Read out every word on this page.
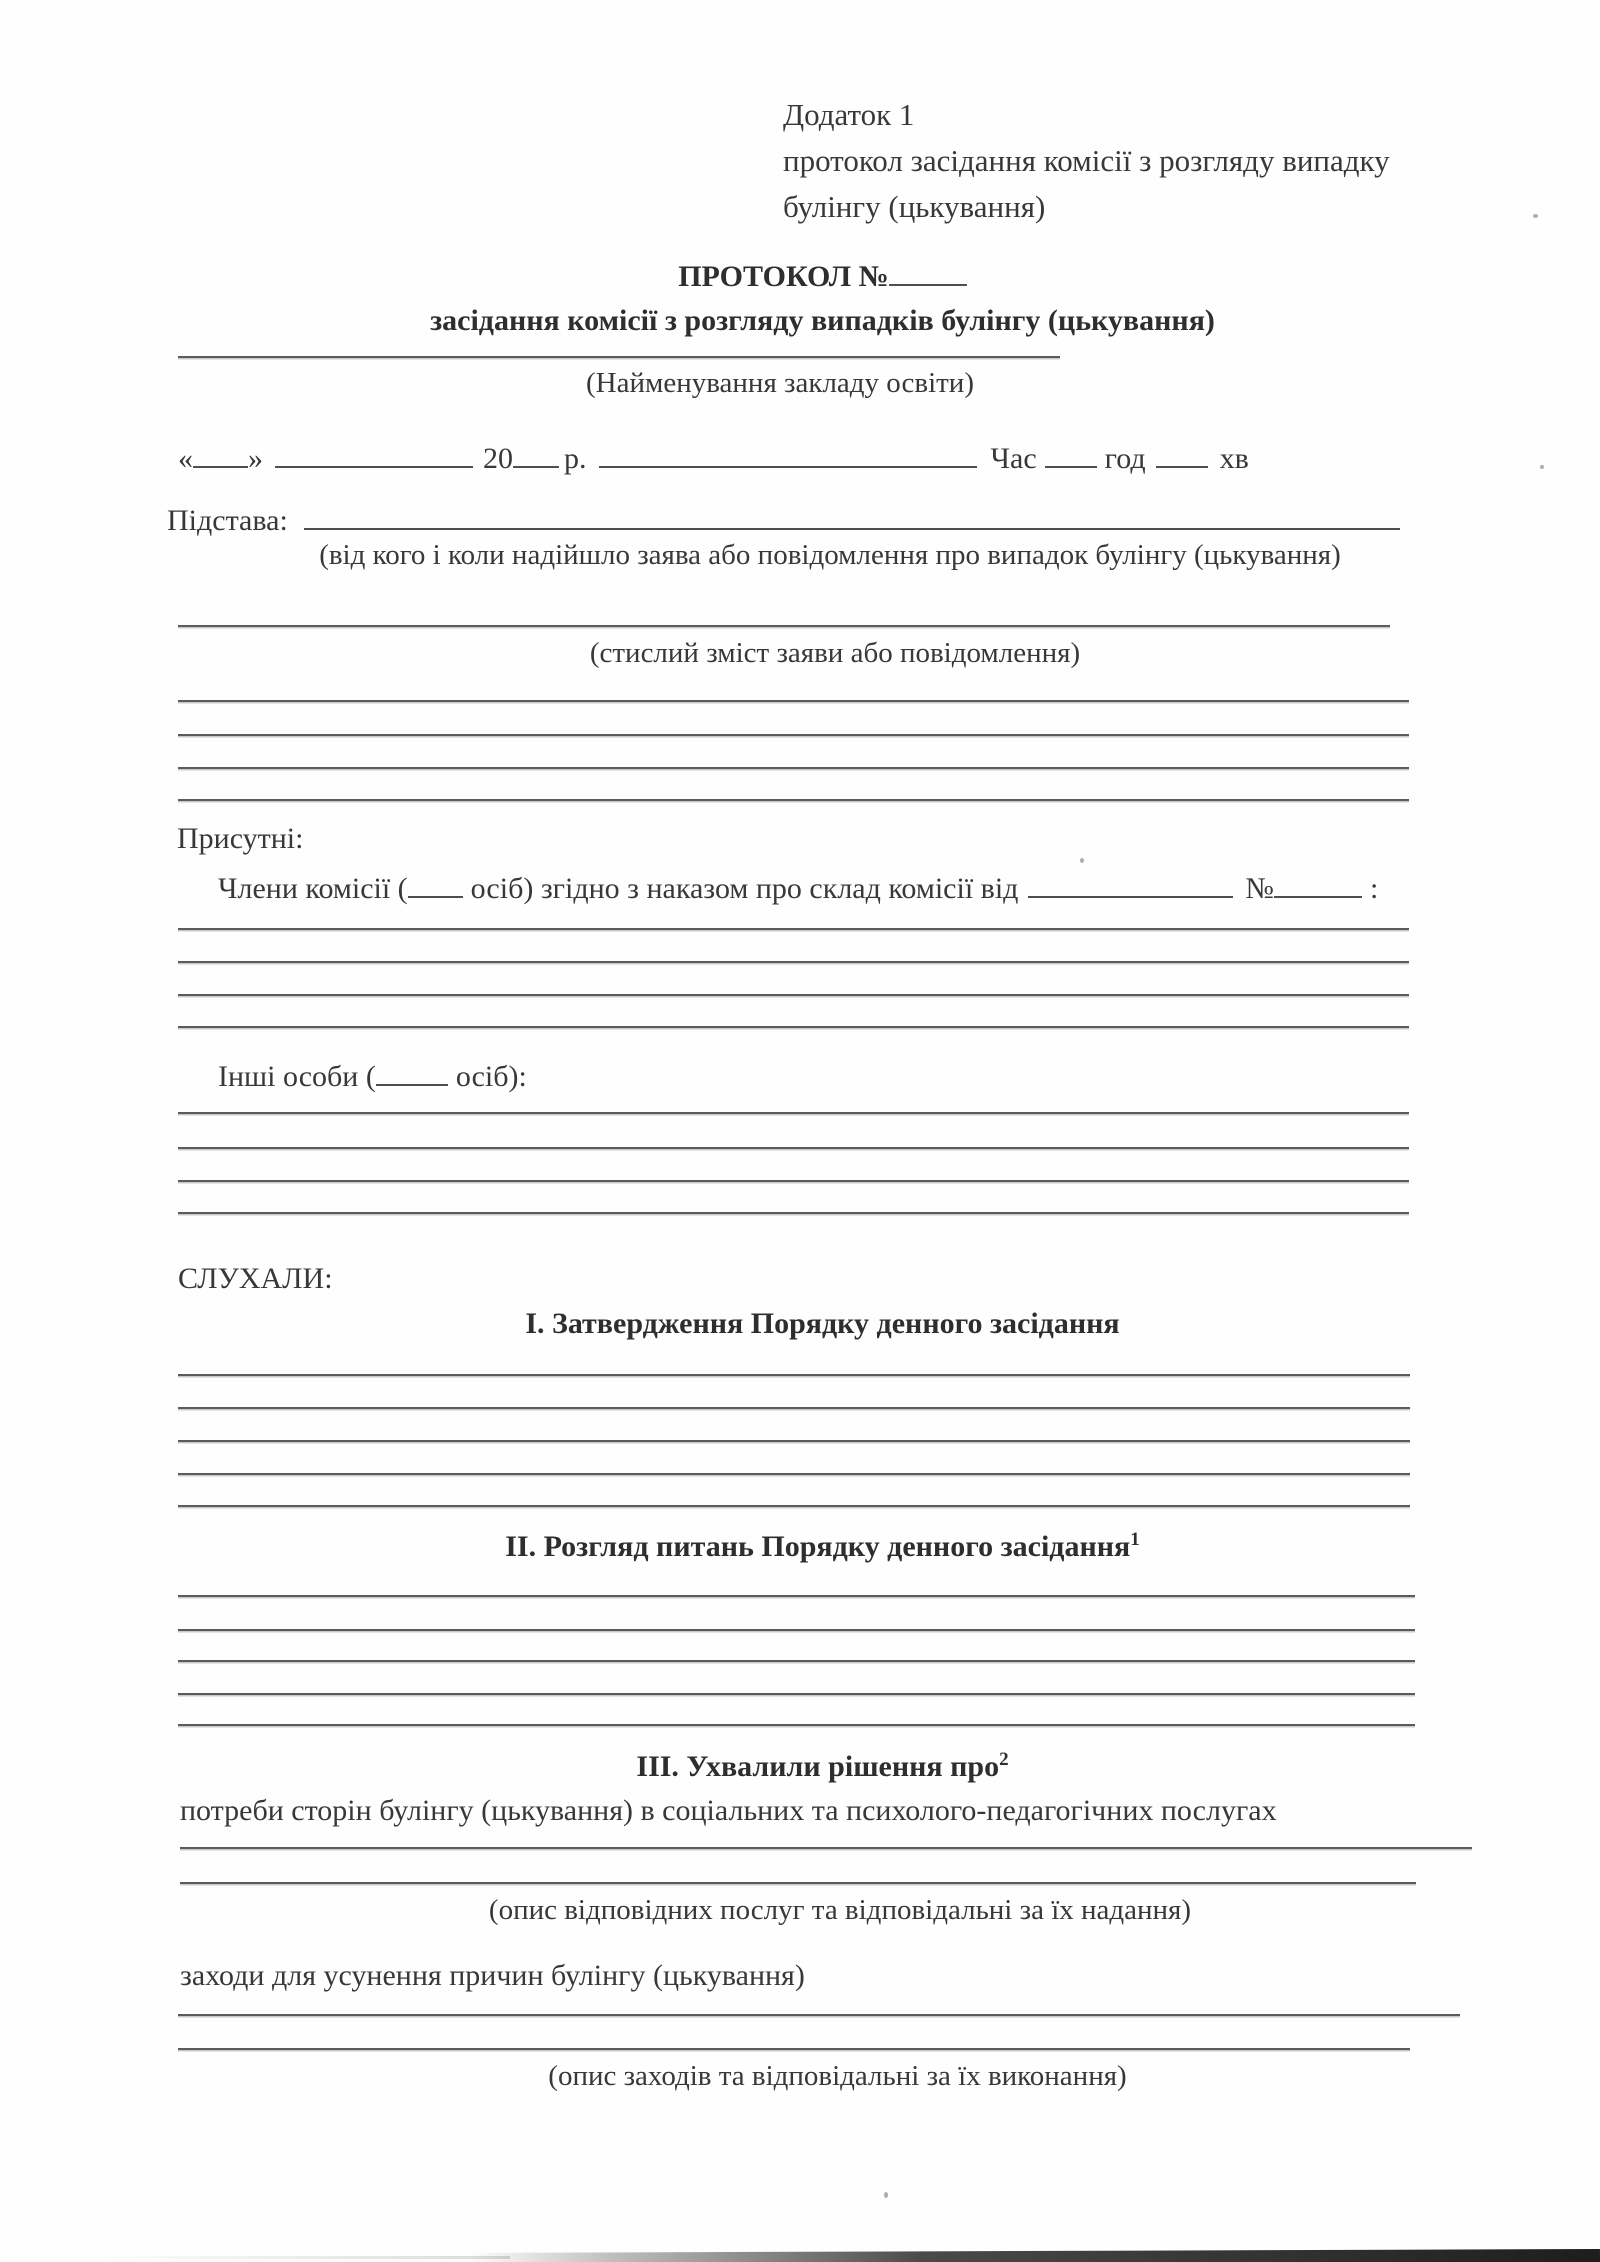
Додаток 1
протокол засідання комісії з розгляду випадку
булінгу (цькування)
ПРОТОКОЛ №
засідання комісії з розгляду випадків булінгу (цькування)
(Найменування закладу освіти)
« »	20 р.	Час год хв
Підстава:
(від кого і коли надійшло заява або повідомлення про випадок булінгу (цькування)
(стислий зміст заяви або повідомлення)
Присутні:
Члени комісії ( осіб) згідно з наказом про склад комісії від	№	:
Інші особи (	осіб):
СЛУХАЛИ:
І. Затвердження Порядку денного засідання
ІІ. Розгляд питань Порядку денного засідання$^1$
ІІІ. Ухвалили рішення про$^2$
потреби сторін булінгу (цькування) в соціальних та психолого-педагогічних послугах
(опис відповідних послуг та відповідальні за їх надання)
заходи для усунення причин булінгу (цькування)
(опис заходів та відповідальні за їх виконання)
